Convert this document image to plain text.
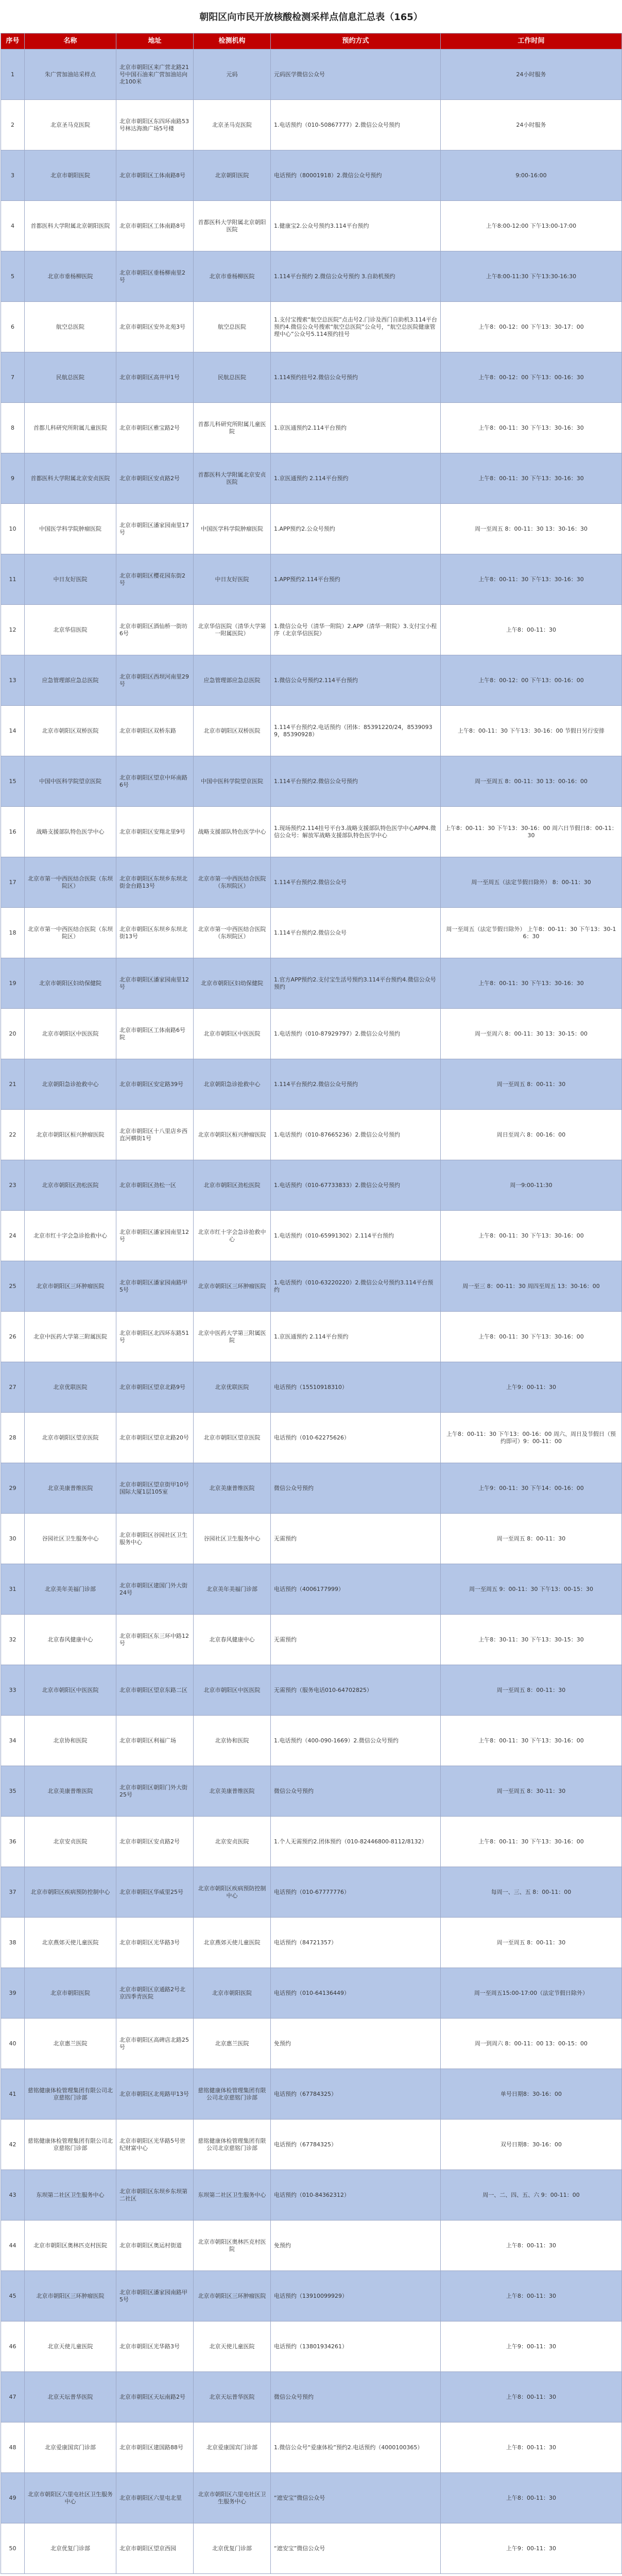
朝阳区向市民开放核酸检测采样点信息汇总表（165）
序号	名称	地址	检测机构	预约方式	工作时间
1	朱广营加油站采样点	北京市朝阳区来广营北路21号中国石油来广营加油站向北100米	元码	元码医学微信公众号	24小时服务
2	北京圣马克医院	北京市朝阳区东四环南路53号林达海渔广场5号楼	北京圣马克医院	1.电话预约（010-50867777）2.微信公众号预约	24小时服务
3	北京市朝阳医院	北京市朝阳区工体南路8号	北京朝阳医院	电话预约（80001918）2.微信公众号预约	9:00-16:00
4	首都医科大学附属北京朝阳医院	北京市朝阳区工体南路8号	首都医科大学附属北京朝阳医院	1.健康宝2.公众号预约3.114平台预约	上午8:00-12:00 下午13:00-17:00
5	北京市垂杨柳医院	北京市朝阳区垂杨柳南里2号	北京市垂杨柳医院	1.114平台预约 2.微信公众号预约 3.自助机预约	上午8:00-11:30 下午13:30-16:30
6	航空总医院	北京市朝阳区安外北苑3号	航空总医院	1.支付宝搜索“航空总医院”点击号2.门诊及西门自助机3.114平台预约4.微信公众号搜索“航空总医院”公众号，“航空总医院健康管理中心”公众号5.114预约挂号	上午8：00-12：00 下午13：30-17：00
7	民航总医院	北京市朝阳区高井甲1号	民航总医院	1.114预约挂号2.微信公众号预约	上午8：00-12：00 下午13：00-16：30
8	首都儿科研究所附属儿童医院	北京市朝阳区雅宝路2号	首都儿科研究所附属儿童医院	1.京医通预约2.114平台预约	上午8：00-11：30 下午13：30-16：30
9	首都医科大学附属北京安贞医院	北京市朝阳区安贞路2号	首都医科大学附属北京安贞医院	1.京医通预约 2.114平台预约	上午8：00-11：30 下午13：30-16：30
10	中国医学科学院肿瘤医院	北京市朝阳区潘家园南里17号	中国医学科学院肿瘤医院	1.APP预约2.公众号预约	周一至周五 8：00-11：30 13：30-16：30
11	中日友好医院	北京市朝阳区樱花园东街2号	中日友好医院	1.APP预约2.114平台预约	上午8：00-11：30 下午13：30-16：30
12	北京华信医院	北京市朝阳区酒仙桥一街坊6号	北京华信医院（清华大学第一附属医院）	1.微信公众号（清华一附院）2.APP（清华一附院）3.支付宝小程序（北京华信医院）	上午8：00-11：30
13	应急管理部应急总医院	北京市朝阳区西坝河南里29号	应急管理部应急总医院	1.微信公众号预约2.114平台预约	上午8：00-12：00 下午13：00-16：00
14	北京市朝阳区双桥医院	北京市朝阳区双桥东路	北京市朝阳区双桥医院	1.114平台预约2.电话预约（团体：85391220/24，85390939，85390928）	上午8：00-11：30 下午13：30-16：00 节假日另行安排
15	中国中医科学院望京医院	北京市朝阳区望京中环南路6号	中国中医科学院望京医院	1.114平台预约2.微信公众号预约	周一至周五 8：00-11：30 13：00-16：00
16	战略支援部队特色医学中心	北京市朝阳区安翔北里9号	战略支援部队特色医学中心	1.现场预约2.114挂号平台3.战略支援部队特色医学中心APP4.微信公众号：解放军战略支援部队特色医学中心	上午8：00-11：30 下午13：30-16：00 周六日节假日8：00-11：30
17	北京市第一中西医结合医院（东坝院区）	北京市朝阳区东坝乡东坝北街金台路13号	北京市第一中西医结合医院（东坝院区）	1.114平台预约2.微信公众号	周一至周五（法定节假日除外） 8：00-11：30
18	北京市第一中西医结合医院（东坝院区）	北京市朝阳区东坝乡东坝北街13号	北京市第一中西医结合医院（东坝院区）	1.114平台预约2.微信公众号	周一至周五（法定节假日除外） 上午8：00-11：30 下午13：30-16：30
19	北京市朝阳区妇幼保健院	北京市朝阳区潘家园南里12号	北京市朝阳区妇幼保健院	1.官方APP预约2.支付宝生活号预约3.114平台预约4.微信公众号预约	上午8：00-11：30 下午13：30-16：30
20	北京市朝阳区中医医院	北京市朝阳区工体南路6号院	北京市朝阳区中医医院	1.电话预约（010-87929797）2.微信公众号预约	周一至周六 8：00-11：30 13：30-15：00
21	北京朝阳急诊抢救中心	北京市朝阳区安定路39号	北京朝阳急诊抢救中心	1.114平台预约2.微信公众号预约	周一至周五 8：00-11：30
22	北京市朝阳区桓兴肿瘤医院	北京市朝阳区十八里店乡西直河横街1号	北京市朝阳区桓兴肿瘤医院	1.电话预约（010-87665236）2.微信公众号预约	周日至周六 8：00-16：00
23	北京市朝阳区劲松医院	北京市朝阳区劲松一区	北京市朝阳区劲松医院	1.电话预约（010-67733833）2.微信公众号预约	周一9:00-11:30
24	北京市红十字会急诊抢救中心	北京市朝阳区潘家园南里12号	北京市红十字会急诊抢救中心	1.电话预约（010-65991302）2.114平台预约	上午8：00-11：30 下午13：30-16：00
25	北京市朝阳区三环肿瘤医院	北京市朝阳区潘家园南路甲5号	北京市朝阳区三环肿瘤医院	1.电话预约（010-63220220）2.微信公众号预约3.114平台预约	周一至三 8：00-11：30 周四至周五 13：30-16：00
26	北京中医药大学第三附属医院	北京市朝阳区北四环东路51号	北京中医药大学第三附属医院	1.京医通预约 2.114平台预约	上午8：00-11：30 下午13：30-16：00
27	北京优联医院	北京市朝阳区望京北路9号	北京优联医院	电话预约（15510918310）	上午9：00-11：30
28	北京市朝阳区望京医院	北京市朝阳区望京北路20号	北京市朝阳区望京医院	电话预约（010-62275626）	上午8：00-11：30 下午13：00-16：00 周六、周日及节假日（预约即可）9：00-11：00
29	北京美康普维医院	北京市朝阳区望京街甲10号国际大厦1层105室	北京美康普维医院	微信公众号预约	上午9：00-11：30 下午14：00-16：00
30	谷园社区卫生服务中心	北京市朝阳区谷园社区卫生服务中心	谷园社区卫生服务中心	无需预约	周一至周五 8：00-11：30
31	北京美年美福门诊部	北京市朝阳区建国门外大街24号	北京美年美福门诊部	电话预约（4006177999）	周一至周五 9：00-11：30 下午13：00-15：30
32	北京春风健康中心	北京市朝阳区东三环中路12号	北京春风健康中心	无需预约	上午8：30-11：30 下午13：30-15：30
33	北京市朝阳区中医医院	北京市朝阳区望京东路二区	北京市朝阳区中医医院	无需预约（服务电话010-64702825）	周一至周五 8：00-11：30
34	北京协和医院	北京市朝阳区利福广场	北京协和医院	1.电话预约（400-090-1669）2.微信公众号预约	上午8：00-11：30 下午13：30-16：00
35	北京美康普维医院	北京市朝阳区朝阳门外大街25号	北京美康普维医院	微信公众号预约	周一至周五 8：30-11：30
36	北京安贞医院	北京市朝阳区安贞路2号	北京安贞医院	1.个人无需预约2.团体预约（010-82446800-8112/8132）	上午8：00-11：30 下午13：30-16：00
37	北京市朝阳区疾病预防控制中心	北京市朝阳区华威里25号	北京市朝阳区疾病预防控制中心	电话预约（010-67777776）	每周一、三、五 8：00-11：00
38	北京燕郊天使儿童医院	北京市朝阳区光华路3号	北京燕郊天使儿童医院	电话预约（84721357）	周一至周五 8：00-11：30
39	北京市朝阳医院	北京市朝阳区京通路2号北京四季青医院	北京市朝阳医院	电话预约（010-64136449）	周一至周五15:00-17:00（法定节假日除外）
40	北京惠兰医院	北京市朝阳区高碑店北路25号	北京惠兰医院	免预约	周一到周六 8：00-11：00 13：00-15：00
41	慈铭健康体检管理集团有限公司北京慈铭门诊部	北京市朝阳区北苑路甲13号	慈铭健康体检管理集团有限公司北京慈铭门诊部	电话预约（67784325）	单号日期8：30-16：00
42	慈铭健康体检管理集团有限公司北京慈铭门诊部	北京市朝阳区光华路5号世纪财富中心	慈铭健康体检管理集团有限公司北京慈铭门诊部	电话预约（67784325）	双号日期8：30-16：00
43	东坝第二社区卫生服务中心	北京市朝阳区东坝乡东坝第二社区	东坝第二社区卫生服务中心	电话预约（010-84362312）	周一、二、四、五、六 9：00-11：00
44	北京市朝阳区奥林匹克村医院	北京市朝阳区奥运村街道	北京市朝阳区奥林匹克村医院	免预约	上午8：00-11：30
45	北京市朝阳区三环肿瘤医院	北京市朝阳区潘家园南路甲5号	北京市朝阳区三环肿瘤医院	电话预约（13910099929）	上午8：00-11：30
46	北京天使儿童医院	北京市朝阳区光华路3号	北京天使儿童医院	电话预约（13801934261）	上午9：00-11：30
47	北京天坛普华医院	北京市朝阳区天坛南路2号	北京天坛普华医院	微信公众号预约	上午8：00-11：30
48	北京爱康国宾门诊部	北京市朝阳区建国路88号	北京爱康国宾门诊部	1.微信公众号“爱康体检”预约2.电话预约（4000100365）	上午8：00-11：30
49	北京市朝阳区六里屯社区卫生服务中心	北京市朝阳区六里屯北里	北京市朝阳区六里屯社区卫生服务中心	“遮安宝”微信公众号	上午8：00-11：30
50	北京优复门诊部	北京市朝阳区望京西园	北京优复门诊部	“遮安宝”微信公众号	上午9：00-11：30
